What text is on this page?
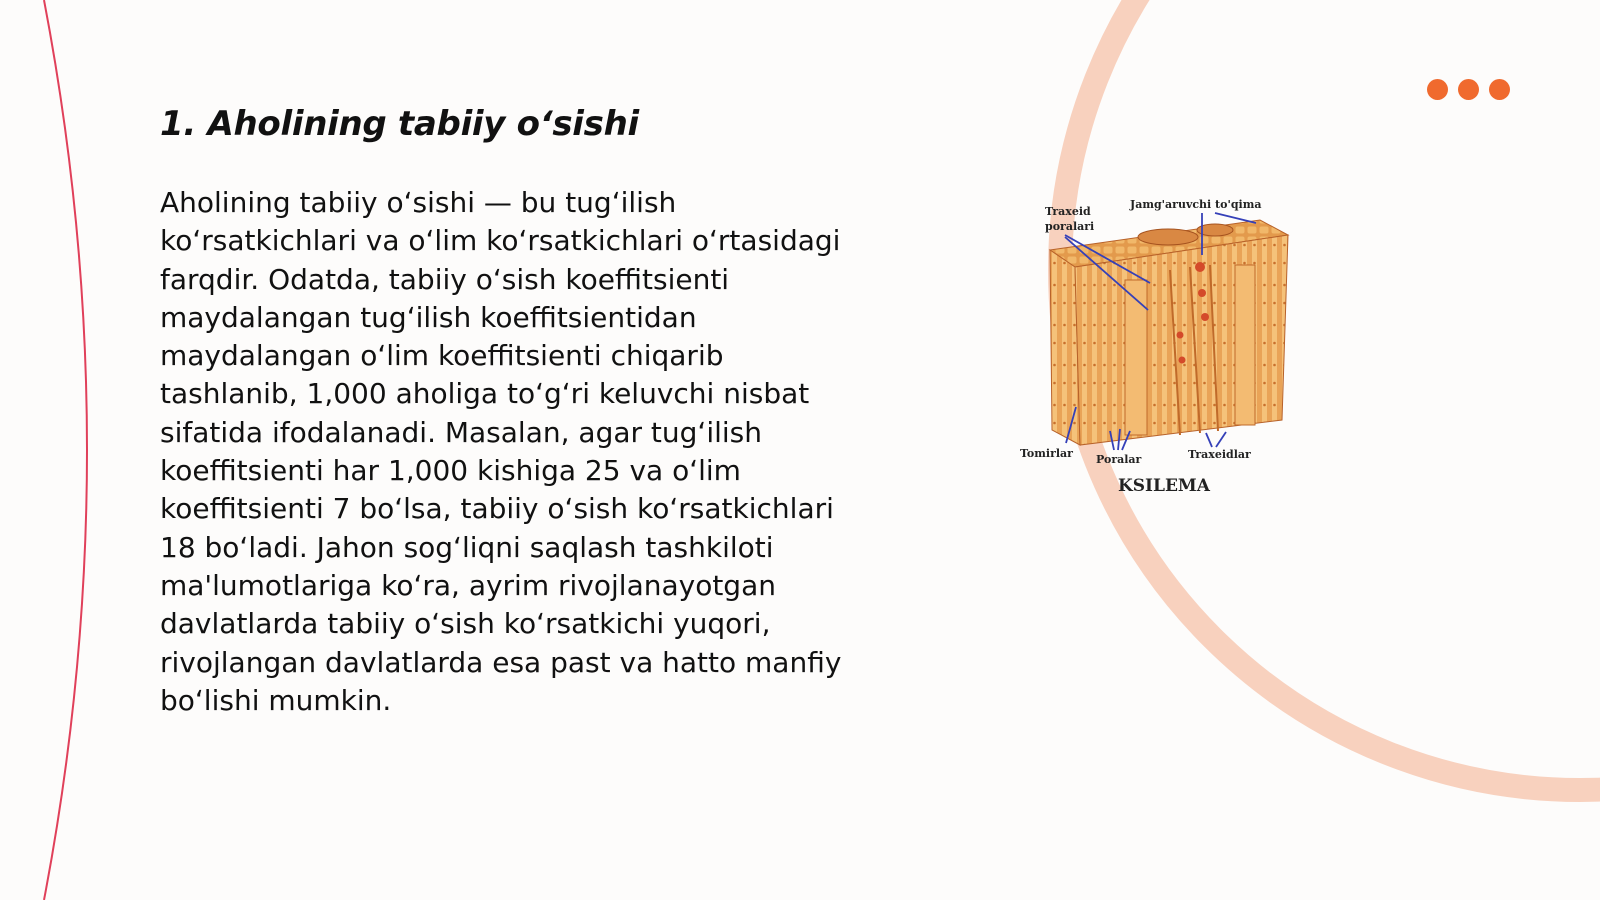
1. Aholining tabiiy oʻsishi

Aholining tabiiy oʻsishi — bu tugʻilish koʻrsatkichlari va oʻlim koʻrsatkichlari oʻrtasidagi farqdir. Odatda, tabiiy oʻsish koeffitsienti maydalangan tugʻilish koeffitsientidan maydalangan oʻlim koeffitsienti chiqarib tashlanib, 1,000 aholiga toʻgʻri keluvchi nisbat sifatida ifodalanadi. Masalan, agar tugʻilish koeffitsienti har 1,000 kishiga 25 va oʻlim koeffitsienti 7 boʻlsa, tabiiy oʻsish koʻrsatkichlari 18 boʻladi. Jahon sogʻliqni saqlash tashkiloti ma'lumotlariga koʻra, ayrim rivojlanayotgan davlatlarda tabiiy oʻsish koʻrsatkichi yuqori, rivojlangan davlatlarda esa past va hatto manfiy boʻlishi mumkin.

Traxeid
poralari
Jamg'aruvchi to'qima
Tomirlar Poralar	Traxeidlar
KSILEMA
